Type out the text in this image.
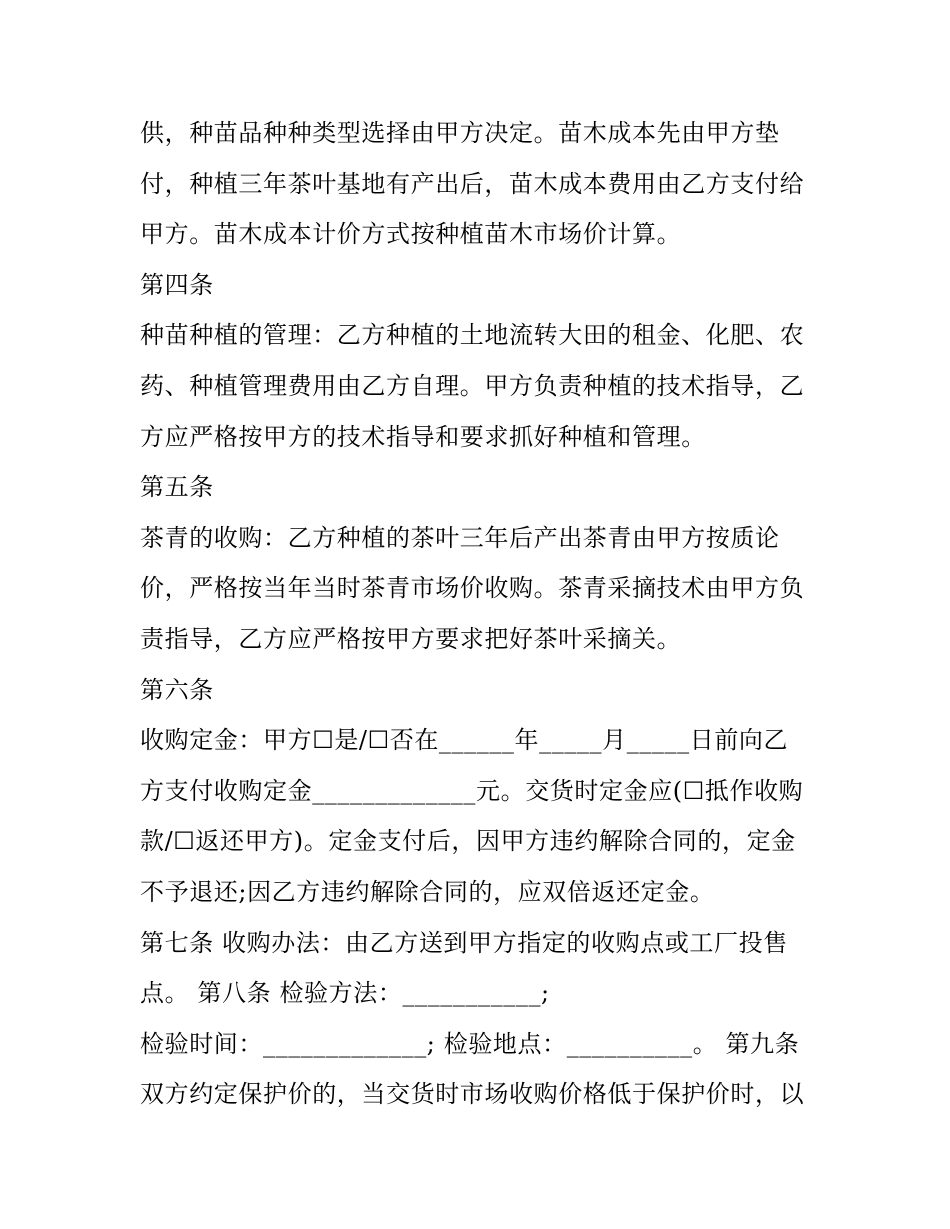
供，种苗品种种类型选择由甲方决定。苗木成本先由甲方垫
付，种植三年茶叶基地有产出后，苗木成本费用由乙方支付给
甲方。苗木成本计价方式按种植苗木市场价计算。
第四条
种苗种植的管理：乙方种植的土地流转大田的租金、化肥、农
药、种植管理费用由乙方自理。甲方负责种植的技术指导，乙
方应严格按甲方的技术指导和要求抓好种植和管理。
第五条
茶青的收购：乙方种植的茶叶三年后产出茶青由甲方按质论
价，严格按当年当时茶青市场价收购。茶青采摘技术由甲方负
责指导，乙方应严格按甲方要求把好茶叶采摘关。
第六条
收购定金：甲方☐是/☐否在______年_____月_____日前向乙
方支付收购定金_____________元。交货时定金应(☐抵作收购
款/☐返还甲方)。定金支付后，因甲方违约解除合同的，定金
不予退还;因乙方违约解除合同的，应双倍返还定金。
第七条 收购办法：由乙方送到甲方指定的收购点或工厂投售
点。 第八条 检验方法：___________;
检验时间：_____________; 检验地点：__________。 第九条
双方约定保护价的，当交货时市场收购价格低于保护价时，以
